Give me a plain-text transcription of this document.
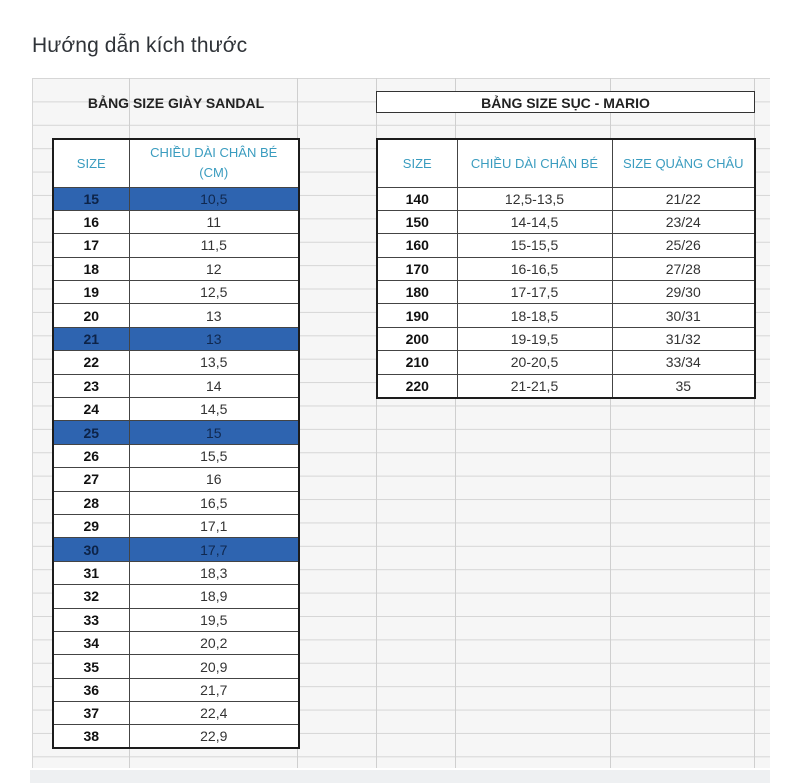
Hướng dẫn kích thước
BẢNG SIZE GIÀY SANDAL
SIZE	CHIỀU DÀI CHÂN BÉ (CM)
15	10,5
16	11
17	11,5
18	12
19	12,5
20	13
21	13
22	13,5
23	14
24	14,5
25	15
26	15,5
27	16
28	16,5
29	17,1
30	17,7
31	18,3
32	18,9
33	19,5
34	20,2
35	20,9
36	21,7
37	22,4
38	22,9
BẢNG SIZE SỤC - MARIO
SIZE	CHIỀU DÀI CHÂN BÉ	SIZE QUẢNG CHÂU
140	12,5-13,5	21/22
150	14-14,5	23/24
160	15-15,5	25/26
170	16-16,5	27/28
180	17-17,5	29/30
190	18-18,5	30/31
200	19-19,5	31/32
210	20-20,5	33/34
220	21-21,5	35
